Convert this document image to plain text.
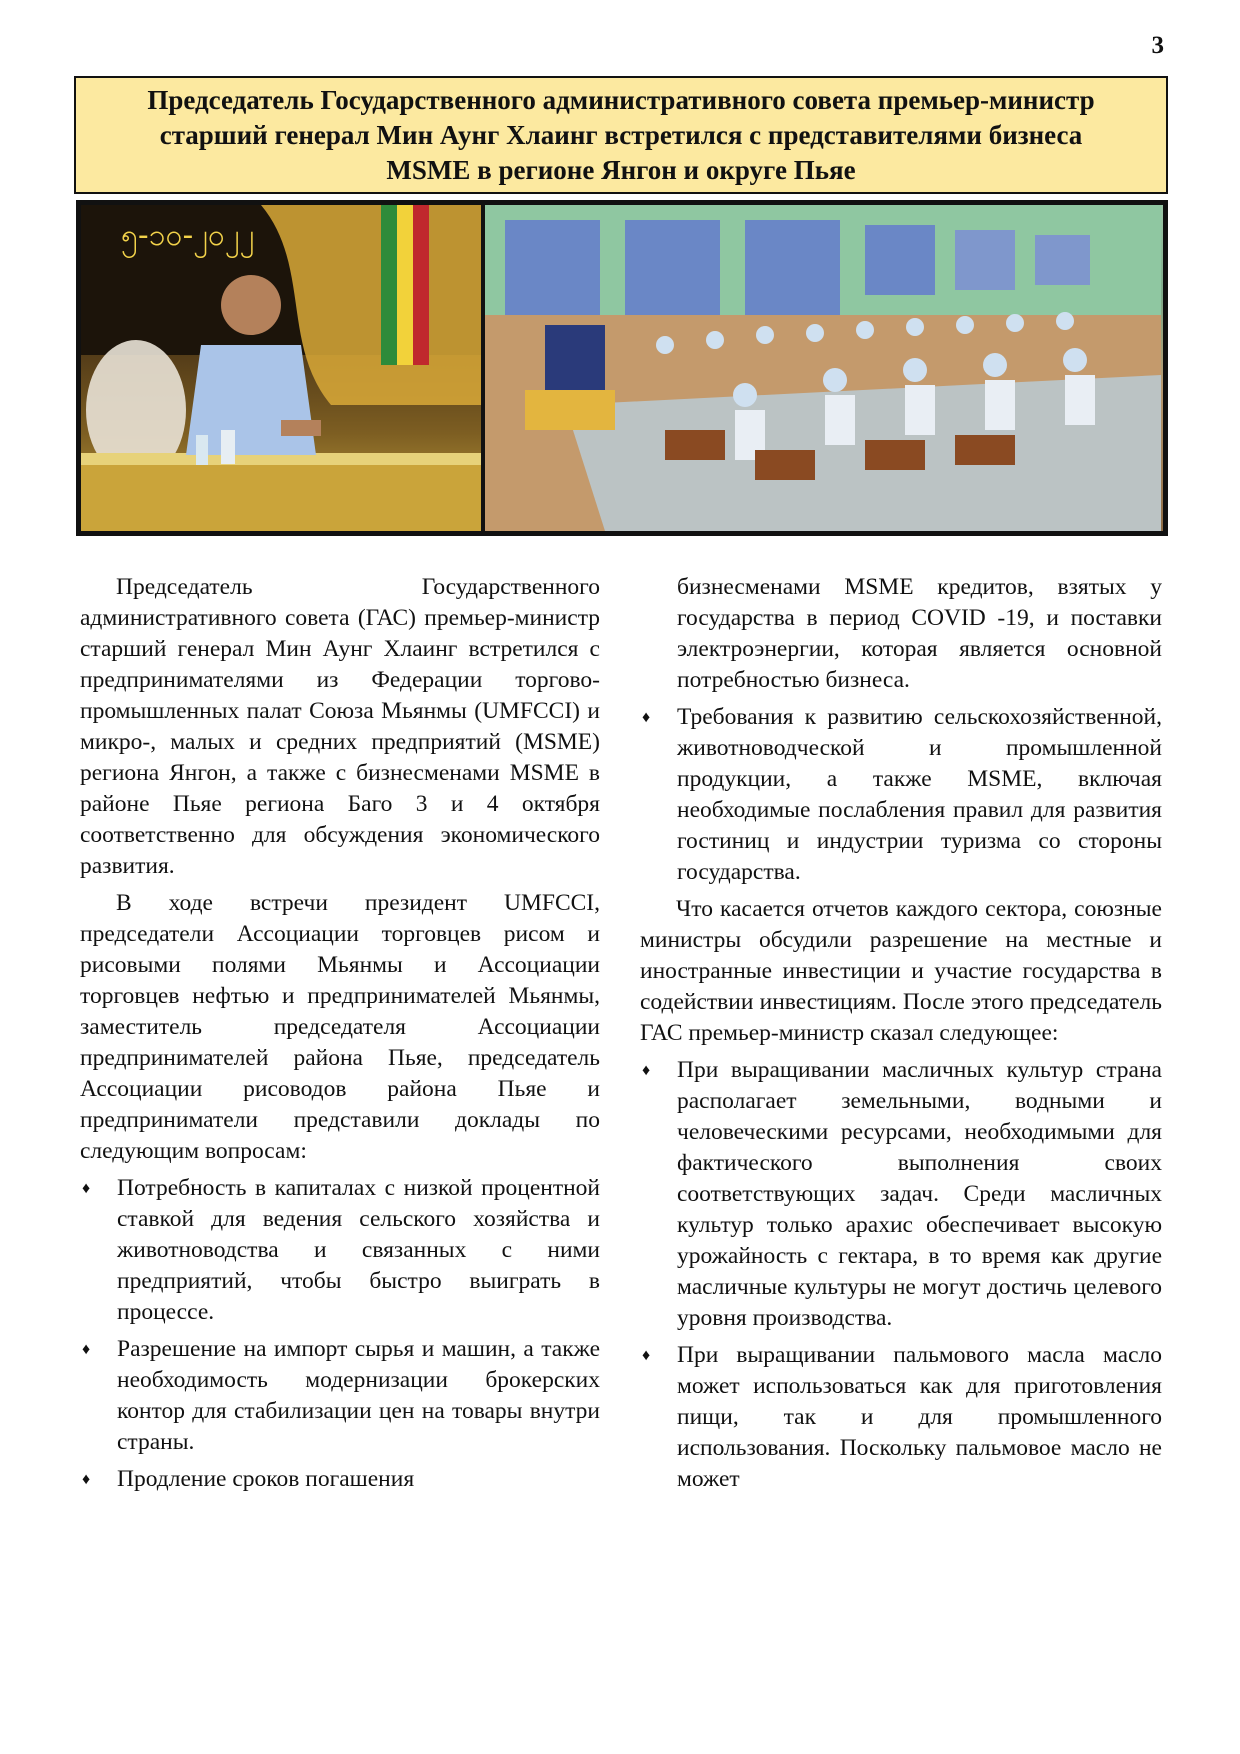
3
Председатель Государственного административного совета премьер-министр старший генерал Мин Аунг Хлаинг встретился с представителями бизнеса MSME в регионе Янгон и округе Пьяе
၅-၁၀-၂၀၂၂

Председатель Государственного административного совета (ГАС) премьер-министр старший генерал Мин Аунг Хлаинг встретился с предпринимателями из Федерации торгово-промышленных палат Союза Мьянмы (UMFCCI) и микро-, малых и средних предприятий (MSME) региона Янгон, а также с бизнесменами MSME в районе Пьяе региона Баго 3 и 4 октября соответственно для обсуждения экономического развития.

В ходе встречи президент UMFCCI, председатели Ассоциации торговцев рисом и рисовыми полями Мьянмы и Ассоциации торговцев нефтью и предпринимателей Мьянмы, заместитель председателя Ассоциации предпринимателей района Пьяе, председатель Ассоциации рисоводов района Пьяе и предприниматели представили доклады по следующим вопросам:

♦ Потребность в капиталах с низкой процентной ставкой для ведения сельского хозяйства и животноводства и связанных с ними предприятий, чтобы быстро выиграть в процессе.
♦ Разрешение на импорт сырья и машин, а также необходимость модернизации брокерских контор для стабилизации цен на товары внутри страны.
♦ Продление сроков погашения
бизнесменами MSME кредитов, взятых у государства в период COVID -19, и поставки электроэнергии, которая является основной потребностью бизнеса.
♦ Требования к развитию сельскохозяйственной, животноводческой и промышленной продукции, а также MSME, включая необходимые послабления правил для развития гостиниц и индустрии туризма со стороны государства.

Что касается отчетов каждого сектора, союзные министры обсудили разрешение на местные и иностранные инвестиции и участие государства в содействии инвестициям. После этого председатель ГАС премьер-министр сказал следующее:

♦ При выращивании масличных культур страна располагает земельными, водными и человеческими ресурсами, необходимыми для фактического выполнения своих соответствующих задач. Среди масличных культур только арахис обеспечивает высокую урожайность с гектара, в то время как другие масличные культуры не могут достичь целевого уровня производства.
♦ При выращивании пальмового масла масло может использоваться как для приготовления пищи, так и для промышленного использования. Поскольку пальмовое масло не может
